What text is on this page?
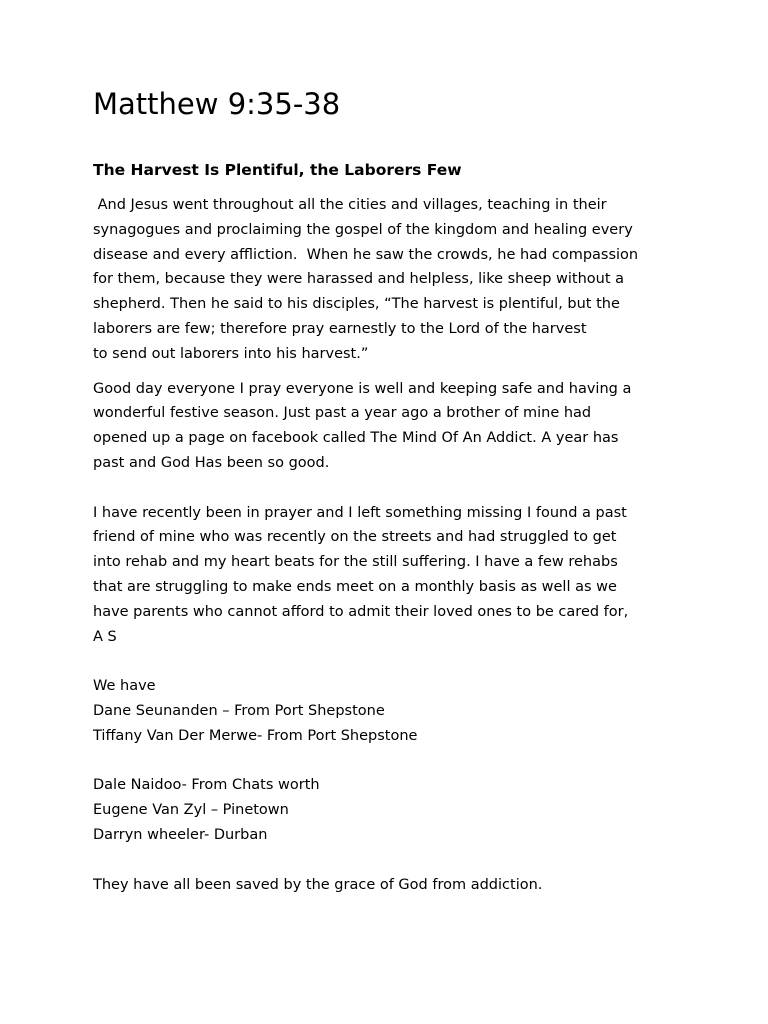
Matthew 9:35-38
The Harvest Is Plentiful, the Laborers Few
And Jesus went throughout all the cities and villages, teaching in their
synagogues and proclaiming the gospel of the kingdom and healing every
disease and every affliction.  When he saw the crowds, he had compassion
for them, because they were harassed and helpless, like sheep without a
shepherd. Then he said to his disciples, “The harvest is plentiful, but the
laborers are few; therefore pray earnestly to the Lord of the harvest
to send out laborers into his harvest.”
Good day everyone I pray everyone is well and keeping safe and having a
wonderful festive season. Just past a year ago a brother of mine had
opened up a page on facebook called The Mind Of An Addict. A year has
past and God Has been so good.
I have recently been in prayer and I left something missing I found a past
friend of mine who was recently on the streets and had struggled to get
into rehab and my heart beats for the still suffering. I have a few rehabs
that are struggling to make ends meet on a monthly basis as well as we
have parents who cannot afford to admit their loved ones to be cared for,
A S
We have
Dane Seunanden – From Port Shepstone
Tiffany Van Der Merwe- From Port Shepstone
Dale Naidoo- From Chats worth
Eugene Van Zyl – Pinetown
Darryn wheeler- Durban
They have all been saved by the grace of God from addiction.
